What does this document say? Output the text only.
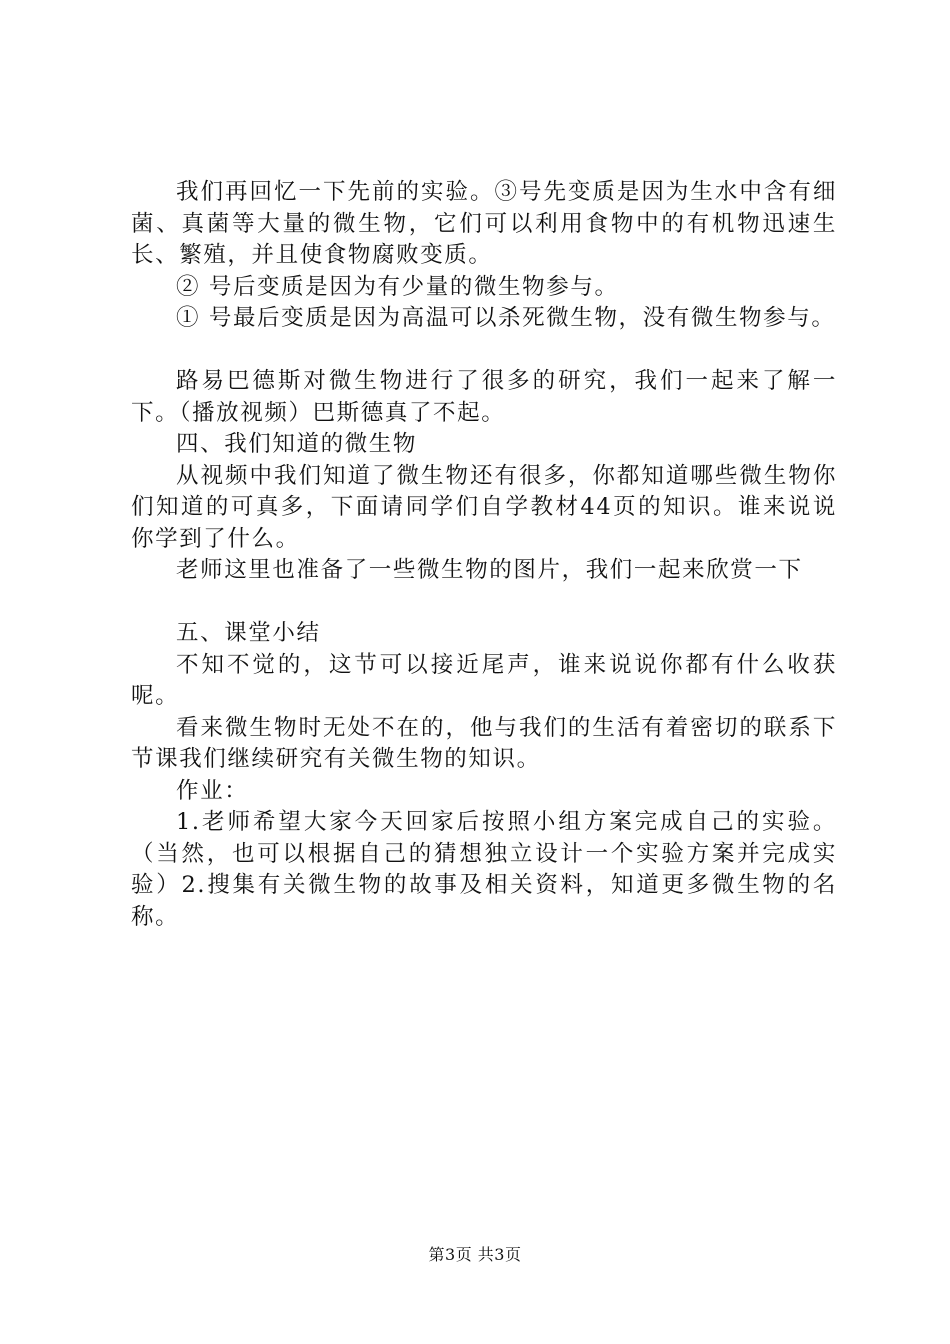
我们再回忆一下先前的实验。③号先变质是因为生水中含有细菌、真菌等大量的微生物，它们可以利用食物中的有机物迅速生长、繁殖，并且使食物腐败变质。

② 号后变质是因为有少量的微生物参与。

① 号最后变质是因为高温可以杀死微生物，没有微生物参与。

路易巴德斯对微生物进行了很多的研究，我们一起来了解一下。（播放视频）巴斯德真了不起。

四、我们知道的微生物

从视频中我们知道了微生物还有很多，你都知道哪些微生物你们知道的可真多，下面请同学们自学教材44页的知识。谁来说说你学到了什么。

老师这里也准备了一些微生物的图片，我们一起来欣赏一下

五、课堂小结

不知不觉的，这节可以接近尾声，谁来说说你都有什么收获呢。

看来微生物时无处不在的，他与我们的生活有着密切的联系下节课我们继续研究有关微生物的知识。

作业：

1.老师希望大家今天回家后按照小组方案完成自己的实验。（当然，也可以根据自己的猜想独立设计一个实验方案并完成实验）2.搜集有关微生物的故事及相关资料，知道更多微生物的名称。

第3页 共3页
